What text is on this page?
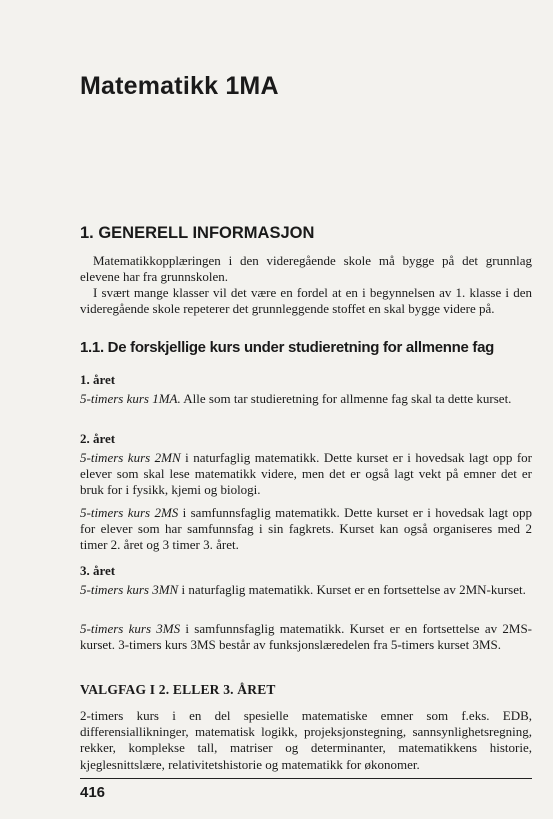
Matematikk 1MA
1. GENERELL INFORMASJON

Matematikkopplæringen i den videregående skole må bygge på det grunnlag elevene har fra grunnskolen.

I svært mange klasser vil det være en fordel at en i begynnelsen av 1. klasse i den videregående skole repeterer det grunnleggende stoffet en skal bygge videre på.

1.1. De forskjellige kurs under studieretning for allmenne fag

1. året

5-timers kurs 1MA. Alle som tar studieretning for allmenne fag skal ta dette kurset.

2. året

5-timers kurs 2MN i naturfaglig matematikk. Dette kurset er i hovedsak lagt opp for elever som skal lese matematikk videre, men det er også lagt vekt på emner det er bruk for i fysikk, kjemi og biologi.

5-timers kurs 2MS i samfunnsfaglig matematikk. Dette kurset er i hovedsak lagt opp for elever som har samfunnsfag i sin fagkrets. Kurset kan også organiseres med 2 timer 2. året og 3 timer 3. året.

3. året

5-timers kurs 3MN i naturfaglig matematikk. Kurset er en fortsettelse av 2MN-kurset.

5-timers kurs 3MS i samfunnsfaglig matematikk. Kurset er en fortsettelse av 2MS-kurset. 3-timers kurs 3MS består av funksjonslæredelen fra 5-timers kurset 3MS.

VALGFAG I 2. ELLER 3. ÅRET

2-timers kurs i en del spesielle matematiske emner som f.eks. EDB, differensiallikninger, matematisk logikk, projeksjonstegning, sannsynlighetsregning, rekker, komplekse tall, matriser og determinanter, matematikkens historie, kjeglesnittslære, relativitetshistorie og matematikk for økonomer.

416
